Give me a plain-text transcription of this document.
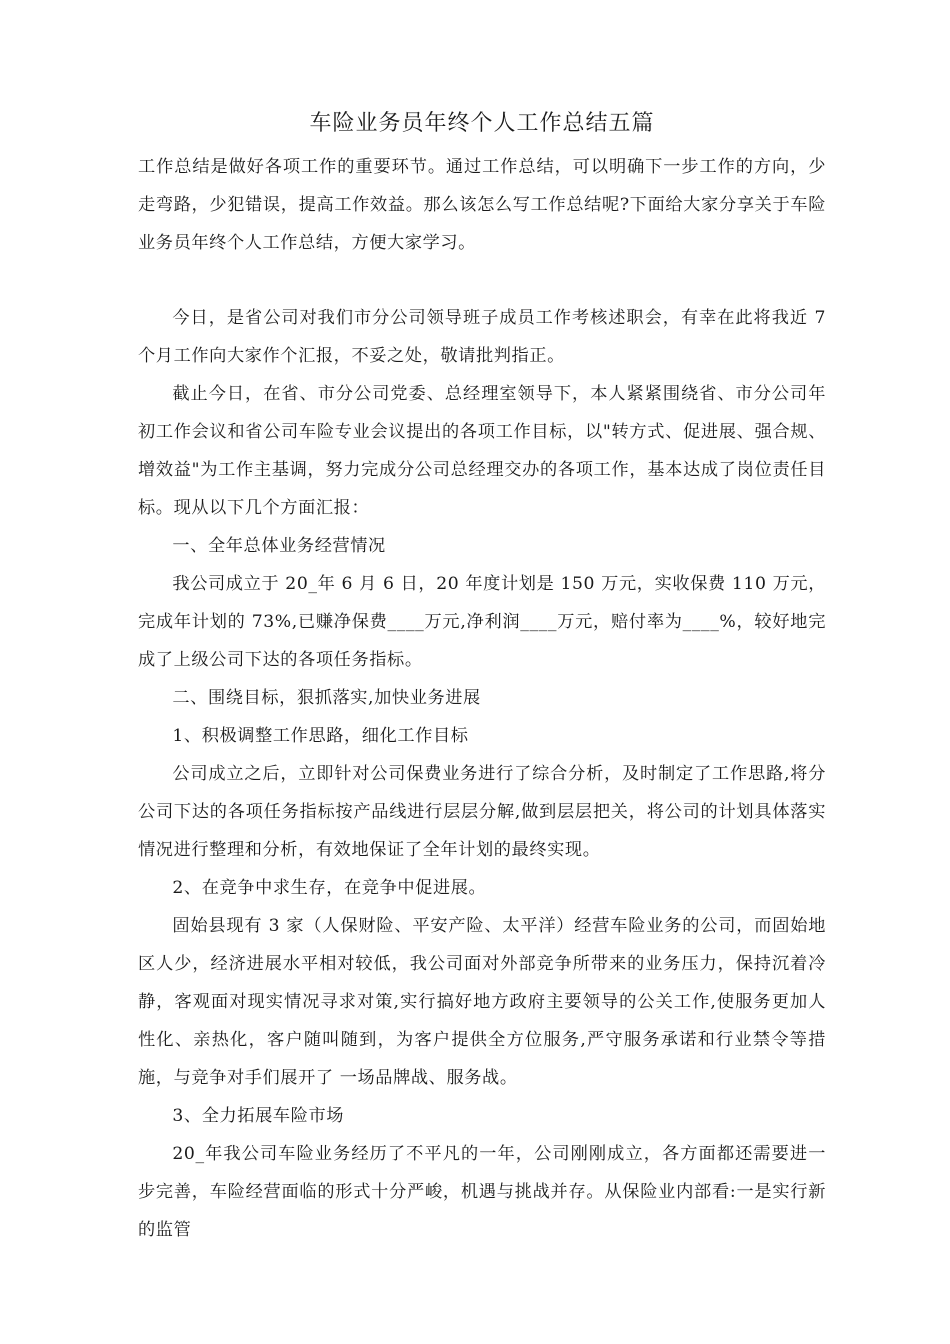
车险业务员年终个人工作总结五篇

工作总结是做好各项工作的重要环节。通过工作总结，可以明确下一步工作的方向，少走弯路，少犯错误，提高工作效益。那么该怎么写工作总结呢?下面给大家分享关于车险业务员年终个人工作总结，方便大家学习。

今日，是省公司对我们市分公司领导班子成员工作考核述职会，有幸在此将我近 7 个月工作向大家作个汇报，不妥之处，敬请批判指正。

截止今日，在省、市分公司党委、总经理室领导下，本人紧紧围绕省、市分公司年初工作会议和省公司车险专业会议提出的各项工作目标，以"转方式、促进展、强合规、增效益"为工作主基调，努力完成分公司总经理交办的各项工作，基本达成了岗位责任目标。现从以下几个方面汇报：

一、全年总体业务经营情况

我公司成立于 20_年 6 月 6 日，20 年度计划是 150 万元，实收保费 110 万元，完成年计划的 73%,已赚净保费____万元,净利润____万元，赔付率为____%，较好地完成了上级公司下达的各项任务指标。

二、围绕目标，狠抓落实,加快业务进展

1、积极调整工作思路，细化工作目标

公司成立之后，立即针对公司保费业务进行了综合分析，及时制定了工作思路,将分公司下达的各项任务指标按产品线进行层层分解,做到层层把关，将公司的计划具体落实情况进行整理和分析，有效地保证了全年计划的最终实现。

2、在竞争中求生存，在竞争中促进展。

固始县现有 3 家（人保财险、平安产险、太平洋）经营车险业务的公司，而固始地区人少，经济进展水平相对较低，我公司面对外部竞争所带来的业务压力，保持沉着冷静，客观面对现实情况寻求对策,实行搞好地方政府主要领导的公关工作,使服务更加人性化、亲热化，客户随叫随到，为客户提供全方位服务,严守服务承诺和行业禁令等措施，与竞争对手们展开了 一场品牌战、服务战。

3、全力拓展车险市场

20_年我公司车险业务经历了不平凡的一年，公司刚刚成立，各方面都还需要进一步完善，车险经营面临的形式十分严峻，机遇与挑战并存。从保险业内部看:一是实行新的监管
